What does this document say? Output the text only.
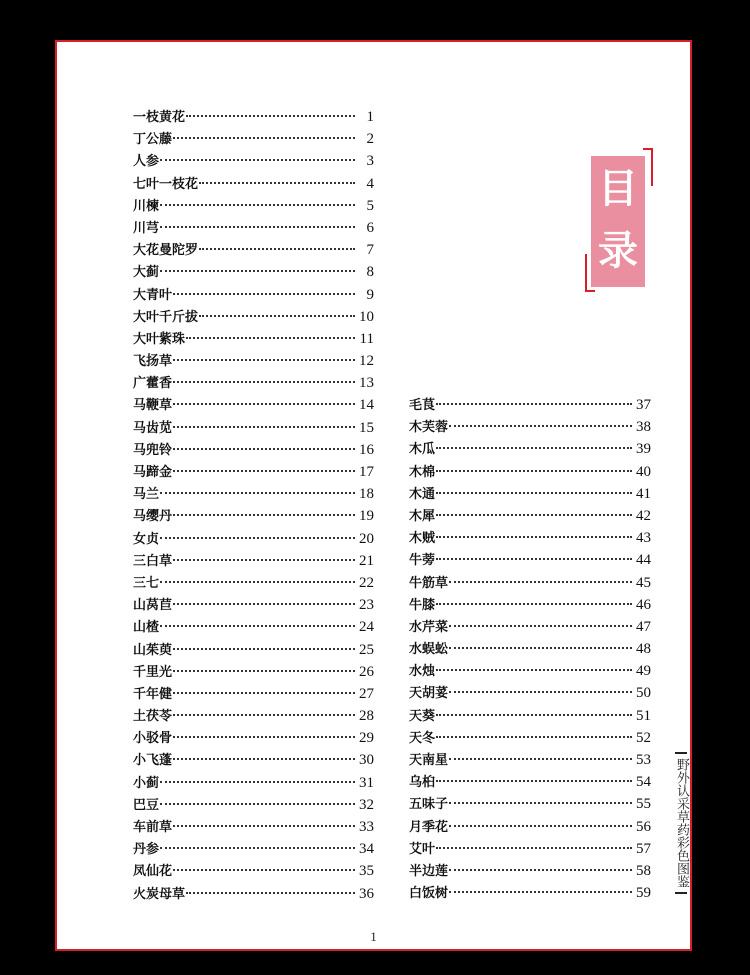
一枝黄花	1
丁公藤	2
人参	3
七叶一枝花	4
川楝	5
川芎	6
大花曼陀罗	7
大蓟	8
大青叶	9
大叶千斤拔	10
大叶紫珠	11
飞扬草	12
广藿香	13
马鞭草	14
马齿苋	15
马兜铃	16
马蹄金	17
马兰	18
马缨丹	19
女贞	20
三白草	21
三七	22
山莴苣	23
山楂	24
山茱萸	25
千里光	26
千年健	27
土茯苓	28
小驳骨	29
小飞蓬	30
小蓟	31
巴豆	32
车前草	33
丹参	34
凤仙花	35
火炭母草	36
毛茛	37
木芙蓉	38
木瓜	39
木棉	40
木通	41
木犀	42
木贼	43
牛蒡	44
牛筋草	45
牛膝	46
水芹菜	47
水蜈蚣	48
水烛	49
天胡荽	50
天葵	51
天冬	52
天南星	53
乌桕	54
五味子	55
月季花	56
艾叶	57
半边莲	58
白饭树	59
目
录
野外认采草药彩色图鉴
1
